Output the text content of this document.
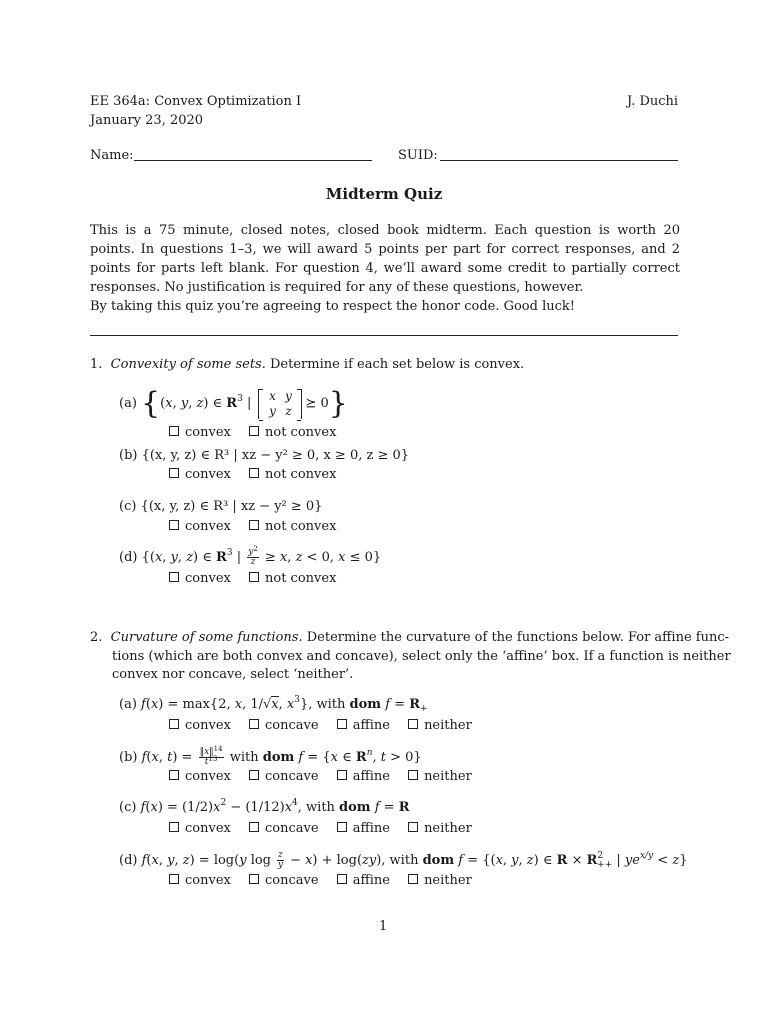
EE 364a: Convex Optimization I
January 23, 2020
J. Duchi
Name:	SUID:
Midterm Quiz
This is a 75 minute, closed notes, closed book midterm. Each question is worth 20 points. In questions 1–3, we will award 5 points per part for correct responses, and 2 points for parts left blank. For question 4, we’ll award some credit to partially correct responses. No justification is required for any of these questions, however.
By taking this quiz you’re agreeing to respect the honor code. Good luck!
1. Convexity of some sets. Determine if each set below is convex.
(a) {(x, y, z) ∈ $R^3$ |
x y
y z	⪰ 0}
convex	not convex
(b) {(x, y, z) ∈ R³ | xz − y² ≥ 0, x ≥ 0, z ≥ 0}
convex	not convex
(c) {(x, y, z) ∈ R³ | xz − y² ≥ 0}
convex	not convex
(d) {(x, y, z) ∈ $R^3$ | $\frac{y^2}{z} \ge x$, z < 0, x ≤ 0}
convex	not convex
2. Curvature of some functions. Determine the curvature of the functions below. For affine func-
tions (which are both convex and concave), select only the ‘affine’ box. If a function is neither
convex nor concave, select ‘neither’.
(a) f(x) = max{2, x, 1/√x, $x^3$}, with dom $f = R_+$
convex	concave	affine	neither
(b) f(x, $t) = \frac{‖x‖^{14}}{t^{13}}$ with dom f = {x ∈ $R^n$, t > 0}
convex	concave	affine	neither
(c) $f(x) = (1/2)x^2 - (1/12)x^4$, with dom f = R
convex	concave	affine	neither
(d) f(x, y, z) = log(y $\log \frac{z}{y} - x) + \log(zy)$, with dom f = {(x, y, z) ∈ $R \times R^2_{++}$ | $ye^{x/y} < z$}
convex	concave	affine	neither
1
